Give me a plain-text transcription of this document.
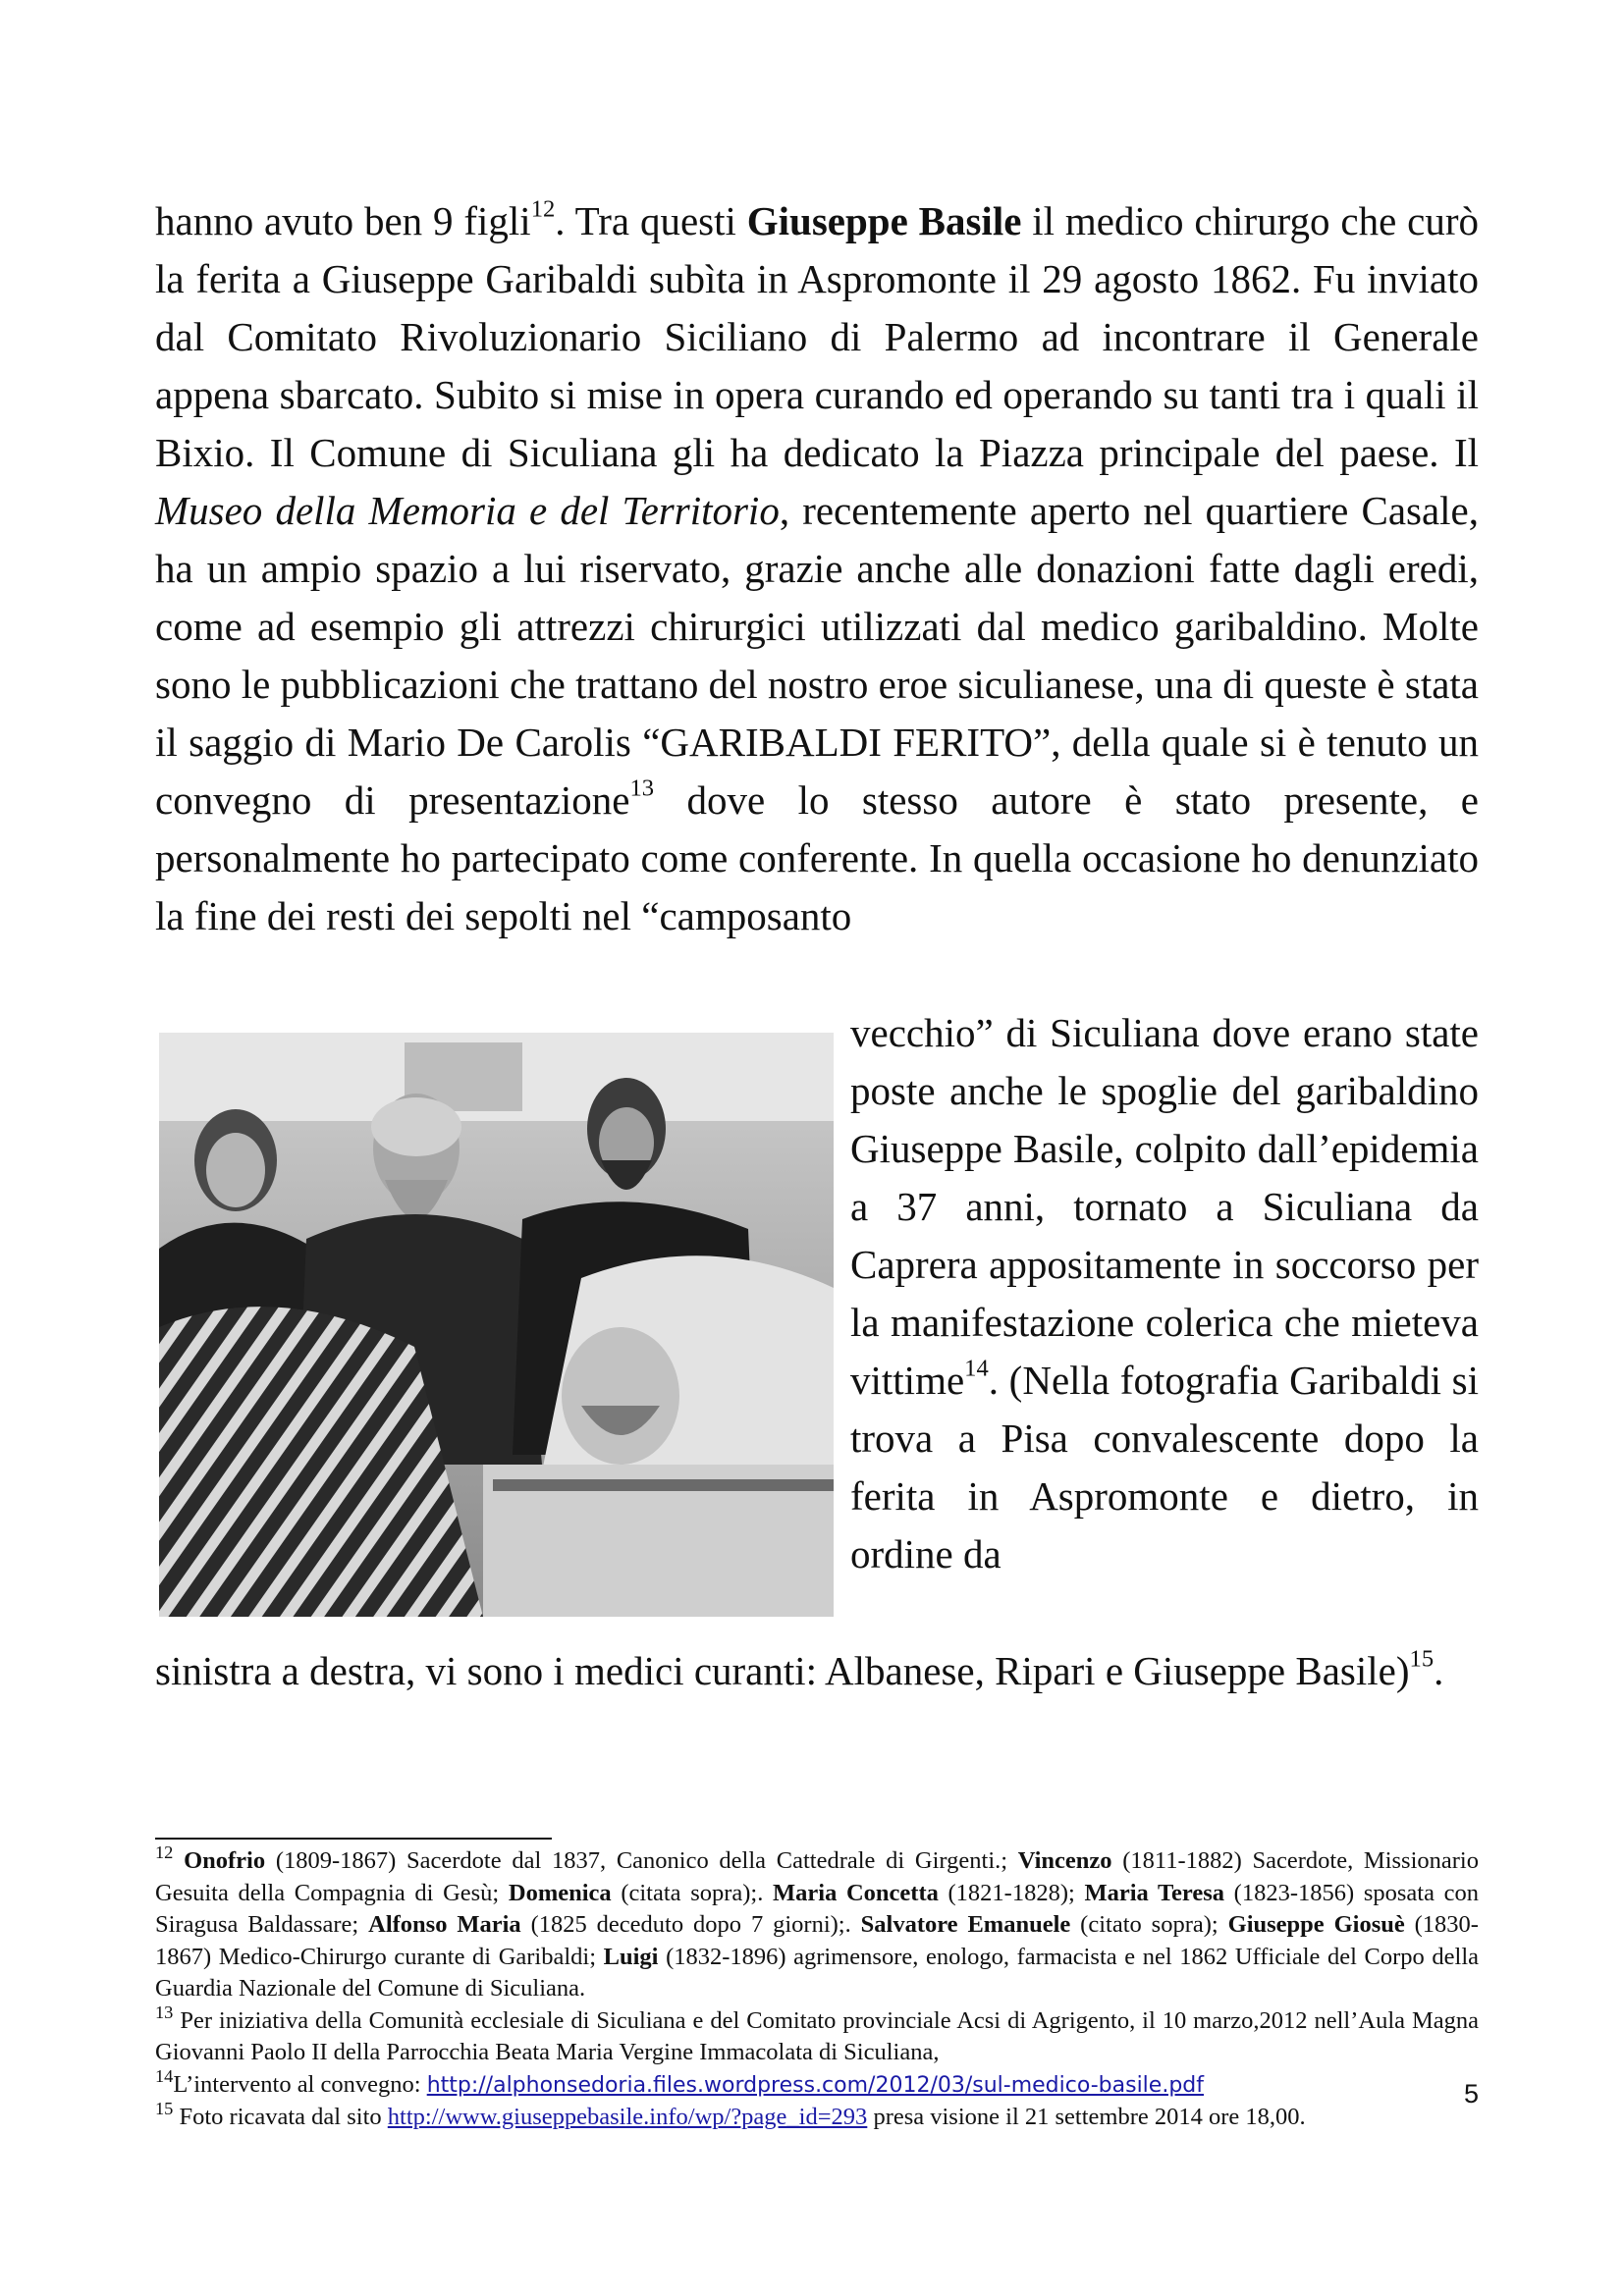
hanno avuto ben 9 figli$^{12}$. Tra questi Giuseppe Basile il medico chirurgo che curò la ferita a Giuseppe Garibaldi subìta in Aspromonte il 29 agosto 1862. Fu inviato dal Comitato Rivoluzionario Siciliano di Palermo ad incontrare il Generale appena sbarcato. Subito si mise in opera curando ed operando su tanti tra i quali il Bixio. Il Comune di Siculiana gli ha dedicato la Piazza principale del paese. Il Museo della Memoria e del Territorio, recentemente aperto nel quartiere Casale, ha un ampio spazio a lui riservato, grazie anche alle donazioni fatte dagli eredi, come ad esempio gli attrezzi chirurgici utilizzati dal medico garibaldino. Molte sono le pubblicazioni che trattano del nostro eroe siculianese, una di queste è stata il saggio di Mario De Carolis “GARIBALDI FERITO”, della quale si è tenuto un convegno di presentazione$^{13}$ dove lo stesso autore è stato presente, e personalmente ho partecipato come conferente. In quella occasione ho denunziato la fine dei resti dei sepolti nel “camposanto

vecchio” di Siculiana dove erano state poste anche le spoglie del garibaldino Giuseppe Basile, colpito dall’epidemia a 37 anni, tornato a Siculiana da Caprera appositamente in soccorso per la manifestazione colerica che mieteva vittime$^{14}$. (Nella fotografia Garibaldi si trova a Pisa convalescente dopo la ferita in Aspromonte e dietro, in ordine da

sinistra a destra, vi sono i medici curanti: Albanese, Ripari e Giuseppe Basile)$^{15}$.

$^{12}$ Onofrio (1809-1867) Sacerdote dal 1837, Canonico della Cattedrale di Girgenti.; Vincenzo (1811-1882) Sacerdote, Missionario Gesuita della Compagnia di Gesù; Domenica (citata sopra);. Maria Concetta (1821-1828); Maria Teresa (1823-1856) sposata con Siragusa Baldassare; Alfonso Maria (1825 deceduto dopo 7 giorni);. Salvatore Emanuele (citato sopra); Giuseppe Giosuè (1830-1867) Medico-Chirurgo curante di Garibaldi; Luigi (1832-1896) agrimensore, enologo, farmacista e nel 1862 Ufficiale del Corpo della Guardia Nazionale del Comune di Siculiana.

$^{13}$ Per iniziativa della Comunità ecclesiale di Siculiana e del Comitato provinciale Acsi di Agrigento, il 10 marzo,2012 nell’Aula Magna Giovanni Paolo II della Parrocchia Beata Maria Vergine Immacolata di Siculiana,

$^{14}$L’intervento al convegno: http://alphonsedoria.files.wordpress.com/2012/03/sul-medico-basile.pdf

$^{15}$ Foto ricavata dal sito http://www.giuseppebasile.info/wp/?page_id=293 presa visione il 21 settembre 2014 ore 18,00.

5
